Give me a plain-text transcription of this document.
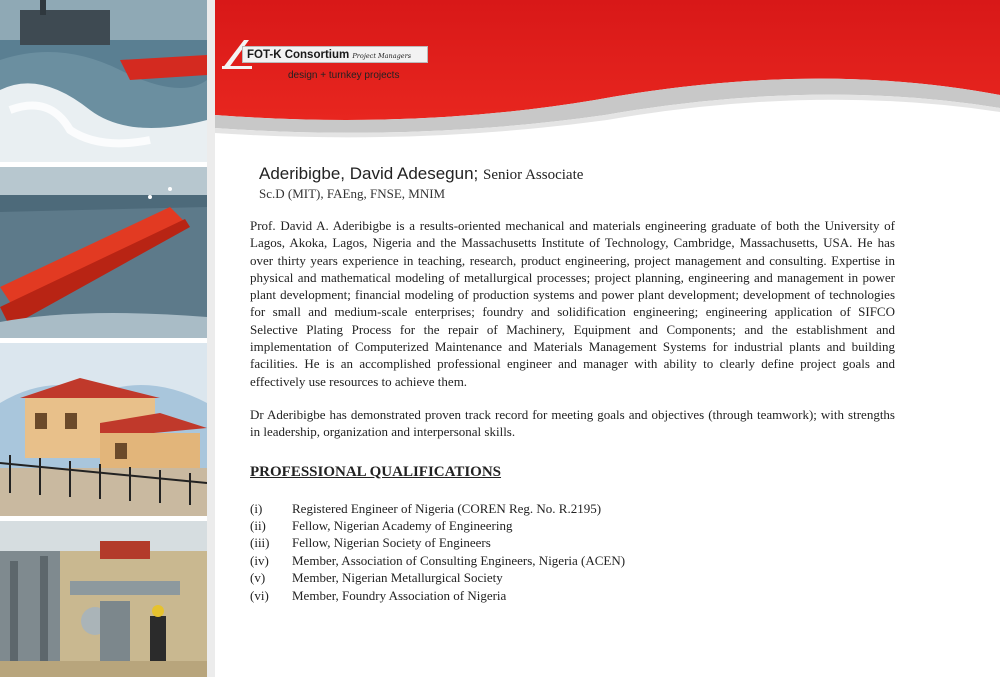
FOT-K Consortium Project Managers
design + turnkey projects
Aderibigbe, David Adesegun; Senior Associate
Sc.D (MIT), FAEng, FNSE, MNIM

Prof. David A. Aderibigbe is a results-oriented mechanical and materials engineering graduate of both the University of Lagos, Akoka, Lagos, Nigeria and the Massachusetts Institute of Technology, Cambridge, Massachusetts, USA. He has over thirty years experience in teaching, research, product engineering, project management and consulting. Expertise in physical and mathematical modeling of metallurgical processes; project planning, engineering and management in power plant development; financial modeling of production systems and power plant development; development of technologies for small and medium-scale enterprises; foundry and solidification engineering; engineering application of SIFCO Selective Plating Process for the repair of Machinery, Equipment and Components; and the establishment and implementation of Computerized Maintenance and Materials Management Systems for industrial plants and building facilities. He is an accomplished professional engineer and manager with ability to clearly define project goals and effectively use resources to achieve them.

Dr Aderibigbe has demonstrated proven track record for meeting goals and objectives (through teamwork); with strengths in leadership, organization and interpersonal skills.

PROFESSIONAL QUALIFICATIONS
(i)	Registered Engineer of Nigeria (COREN Reg. No. R.2195)
(ii)	Fellow, Nigerian Academy of Engineering
(iii)	Fellow, Nigerian Society of Engineers
(iv)	Member, Association of Consulting Engineers, Nigeria (ACEN)
(v)	Member, Nigerian Metallurgical Society
(vi)	Member, Foundry Association of Nigeria
